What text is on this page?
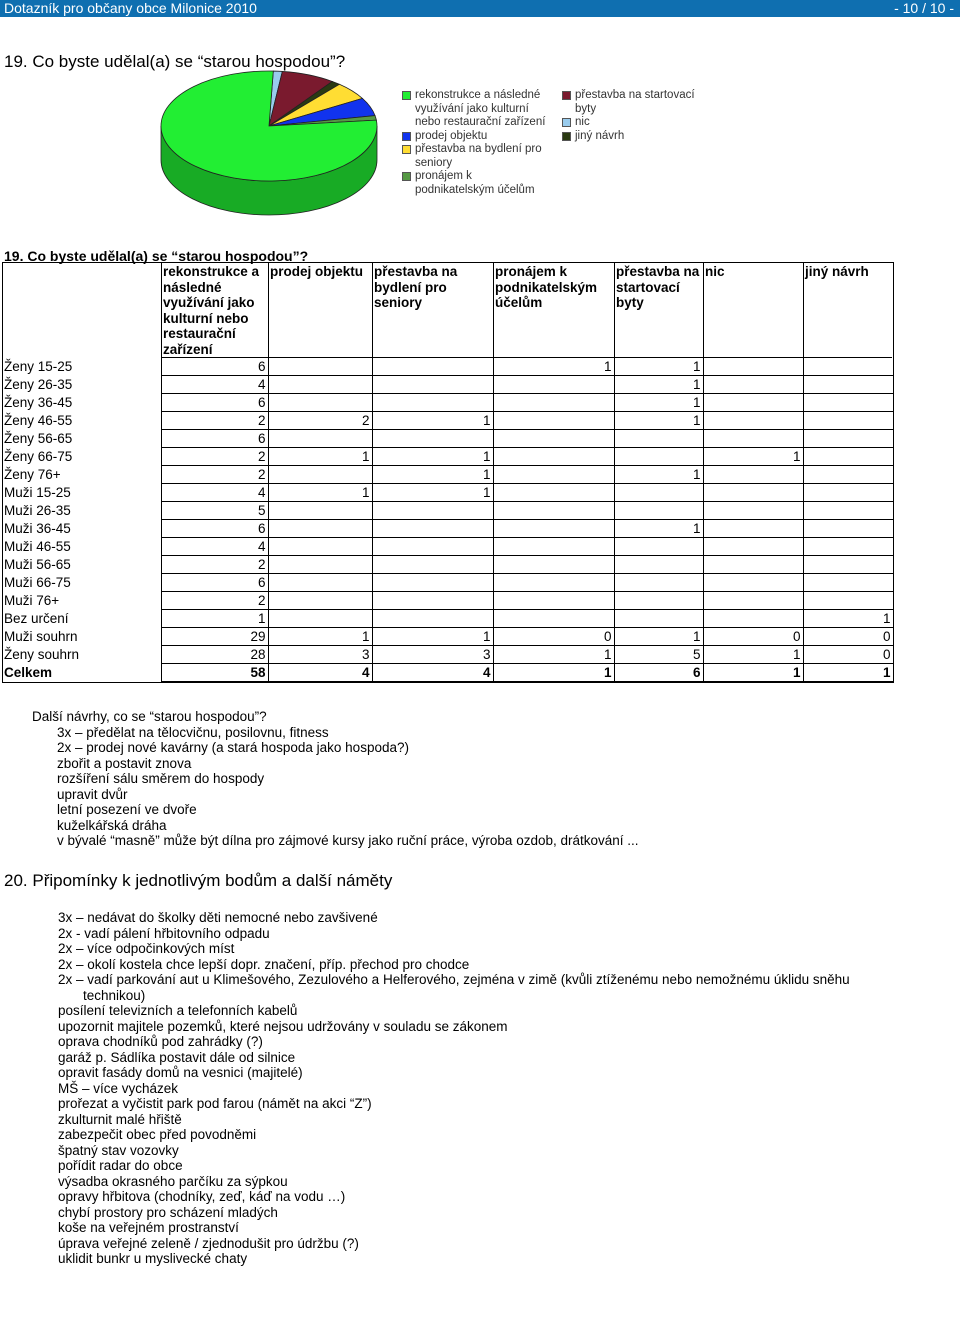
Dotazník pro občany obce Milonice 2010	- 10 / 10 -
19. Co byste udělal(a) se “starou hospodou”?
rekonstrukce a následné využívání jako kulturní nebo restaurační zařízení
prodej objektu
přestavba na bydlení pro seniory
pronájem k podnikatelským účelům
přestavba na startovací byty
nic
jiný návrh
19. Co byste udělal(a) se “starou hospodou”?
	rekonstrukce a následné využívání jako kulturní nebo restaurační zařízení	prodej objektu	přestavba na bydlení pro seniory	pronájem k podnikatelským účelům	přestavba na startovací byty	nic	jiný návrh
Ženy 15-25	6			1	1		
Ženy 26-35	4				1		
Ženy 36-45	6				1		
Ženy 46-55	2	2	1		1		
Ženy 56-65	6						
Ženy 66-75	2	1	1			1	
Ženy 76+	2		1		1		
Muži 15-25	4	1	1				
Muži 26-35	5						
Muži 36-45	6				1		
Muži 46-55	4						
Muži 56-65	2						
Muži 66-75	6						
Muži 76+	2						
Bez určení	1						1
Muži souhrn	29	1	1	0	1	0	0
Ženy souhrn	28	3	3	1	5	1	0
Celkem	58	4	4	1	6	1	1
Další návrhy, co se “starou hospodou”?
3x – předělat na tělocvičnu, posilovnu, fitness
2x – prodej nové kavárny (a stará hospoda jako hospoda?)
zbořit a postavit znova
rozšíření sálu směrem do hospody
upravit dvůr
letní posezení ve dvoře
kuželkářská dráha
v bývalé “masně” může být dílna pro zájmové kursy jako ruční práce, výroba ozdob, drátkování ...
20. Připomínky k jednotlivým bodům a další náměty
3x – nedávat do školky děti nemocné nebo zavšivené
2x - vadí pálení hřbitovního odpadu
2x – více odpočinkových míst
2x – okolí kostela chce lepší dopr. značení, příp. přechod pro chodce
2x – vadí parkování aut u Klimešového, Zezulového a Helferového, zejména v zimě (kvůli ztíženému nebo nemožnému úklidu sněhu
technikou)
posílení televizních a telefonních kabelů
upozornit majitele pozemků, které nejsou udržovány v souladu se zákonem
oprava chodníků pod zahrádky (?)
garáž p. Sádlíka postavit dále od silnice
opravit fasády domů na vesnici (majitelé)
MŠ – více vycházek
prořezat a vyčistit park pod farou (námět na akci “Z”)
zkulturnit malé hřiště
zabezpečit obec před povodněmi
špatný stav vozovky
pořídit radar do obce
výsadba okrasného parčíku za sýpkou
opravy hřbitova (chodníky, zeď, káď na vodu …)
chybí prostory pro scházení mladých
koše na veřejném prostranství
úprava veřejné zeleně / zjednodušit pro údržbu (?)
uklidit bunkr u myslivecké chaty
